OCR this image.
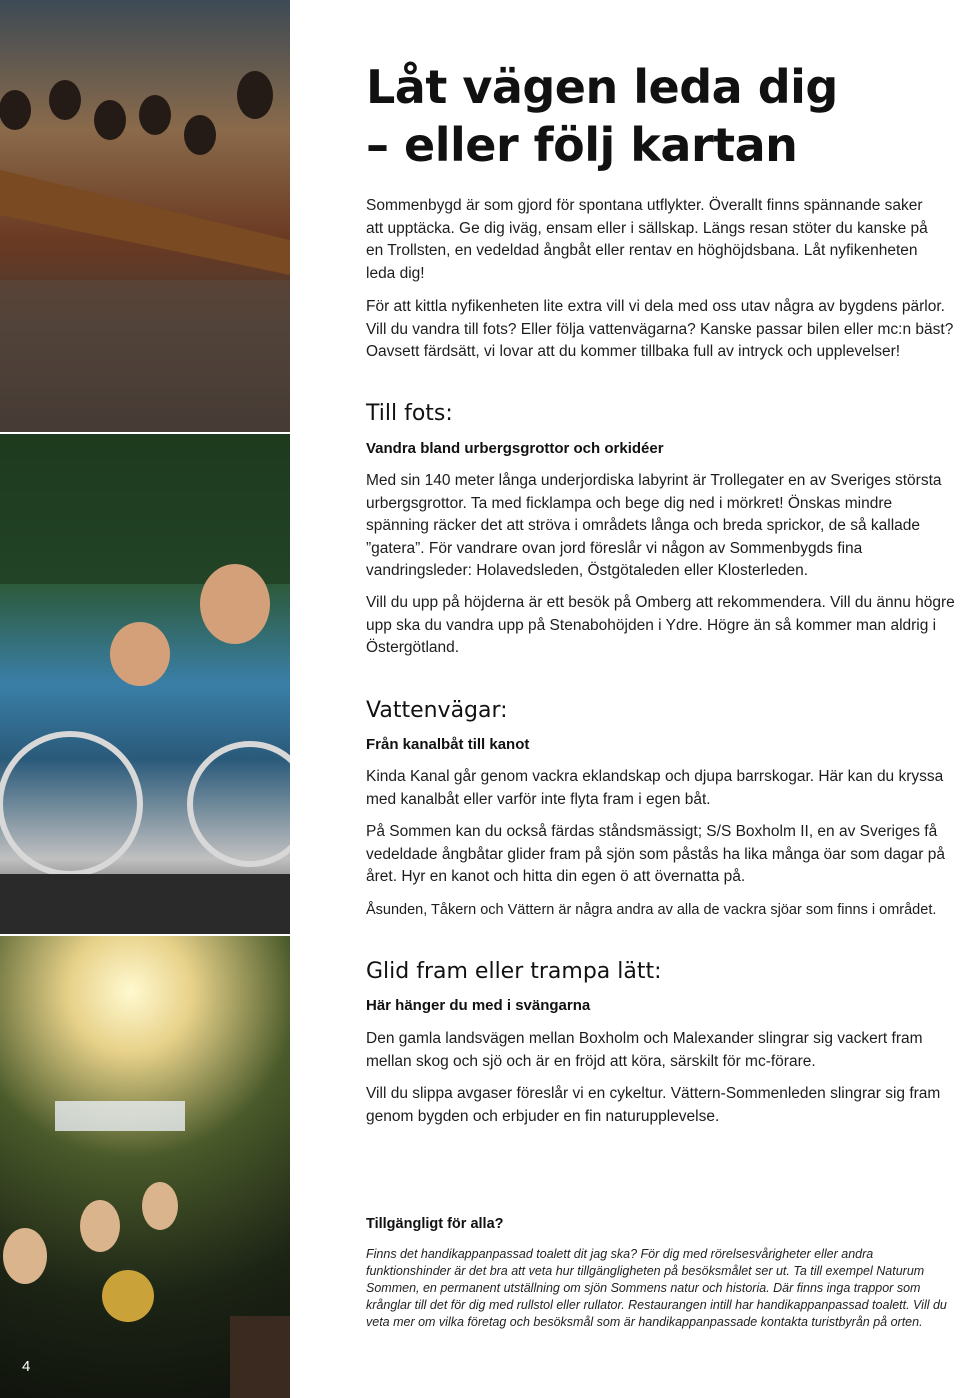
4
Låt vägen leda dig
– eller följ kartan

Sommenbygd är som gjord för spontana utflykter. Överallt finns spännande saker att upptäcka. Ge dig iväg, ensam eller i sällskap. Längs resan stöter du kanske på en Trollsten, en vedeldad ångbåt eller rentav en höghöjdsbana. Låt nyfikenheten leda dig!

För att kittla nyfikenheten lite extra vill vi dela med oss utav några av bygdens pärlor. Vill du vandra till fots? Eller följa vattenvägarna? Kanske passar bilen eller mc:n bäst? Oavsett färdsätt, vi lovar att du kommer tillbaka full av intryck och upplevelser!

Till fots:
Vandra bland urbergsgrottor och orkidéer

Med sin 140 meter långa underjordiska labyrint är Trollegater en av Sveriges största urbergsgrottor. Ta med ficklampa och bege dig ned i mörkret! Önskas mindre spänning räcker det att ströva i områdets långa och breda sprickor, de så kallade ”gatera”. För vandrare ovan jord föreslår vi någon av Sommenbygds fina vandringsleder: Holavedsleden, Östgötaleden eller Klosterleden.

Vill du upp på höjderna är ett besök på Omberg att rekommendera. Vill du ännu högre upp ska du vandra upp på Stenabohöjden i Ydre. Högre än så kommer man aldrig i Östergötland.

Vattenvägar:
Från kanalbåt till kanot

Kinda Kanal går genom vackra eklandskap och djupa barrskogar. Här kan du kryssa med kanalbåt eller varför inte flyta fram i egen båt.

På Sommen kan du också färdas ståndsmässigt; S/S Boxholm II, en av Sveriges få vedeldade ångbåtar glider fram på sjön som påstås ha lika många öar som dagar på året. Hyr en kanot och hitta din egen ö att övernatta på.

Åsunden, Tåkern och Vättern är några andra av alla de vackra sjöar som finns i området.

Glid fram eller trampa lätt:
Här hänger du med i svängarna

Den gamla landsvägen mellan Boxholm och Malexander slingrar sig vackert fram mellan skog och sjö och är en fröjd att köra, särskilt för mc-förare.

Vill du slippa avgaser föreslår vi en cykeltur. Vättern-Sommenleden slingrar sig fram genom bygden och erbjuder en fin naturupplevelse.

Tillgängligt för alla?

Finns det handikappanpassad toalett dit jag ska? För dig med rörelsesvårigheter eller andra funktionshinder är det bra att veta hur tillgängligheten på besöksmålet ser ut. Ta till exempel Naturum Sommen, en permanent utställning om sjön Sommens natur och historia. Där finns inga trappor som krånglar till det för dig med rullstol eller rullator. Restaurangen intill har handikappanpassad toalett. Vill du veta mer om vilka företag och besöksmål som är handikappanpassade kontakta turistbyrån på orten.
